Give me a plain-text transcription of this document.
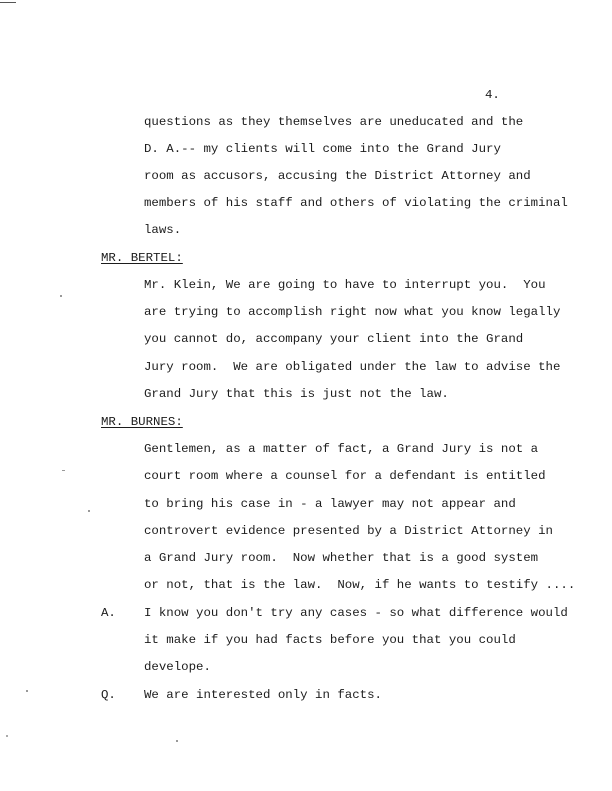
4.
questions as they themselves are uneducated and the
D. A.-- my clients will come into the Grand Jury
room as accusors, accusing the District Attorney and
members of his staff and others of violating the criminal
laws.
MR. BERTEL:
Mr. Klein, We are going to have to interrupt you.  You
are trying to accomplish right now what you know legally
you cannot do, accompany your client into the Grand
Jury room.  We are obligated under the law to advise the
Grand Jury that this is just not the law.
MR. BURNES:
Gentlemen, as a matter of fact, a Grand Jury is not a
court room where a counsel for a defendant is entitled
to bring his case in - a lawyer may not appear and
controvert evidence presented by a District Attorney in
a Grand Jury room.  Now whether that is a good system
or not, that is the law.  Now, if he wants to testify ....
A. I know you don't try any cases - so what difference would
it make if you had facts before you that you could
develope.
Q. We are interested only in facts.
